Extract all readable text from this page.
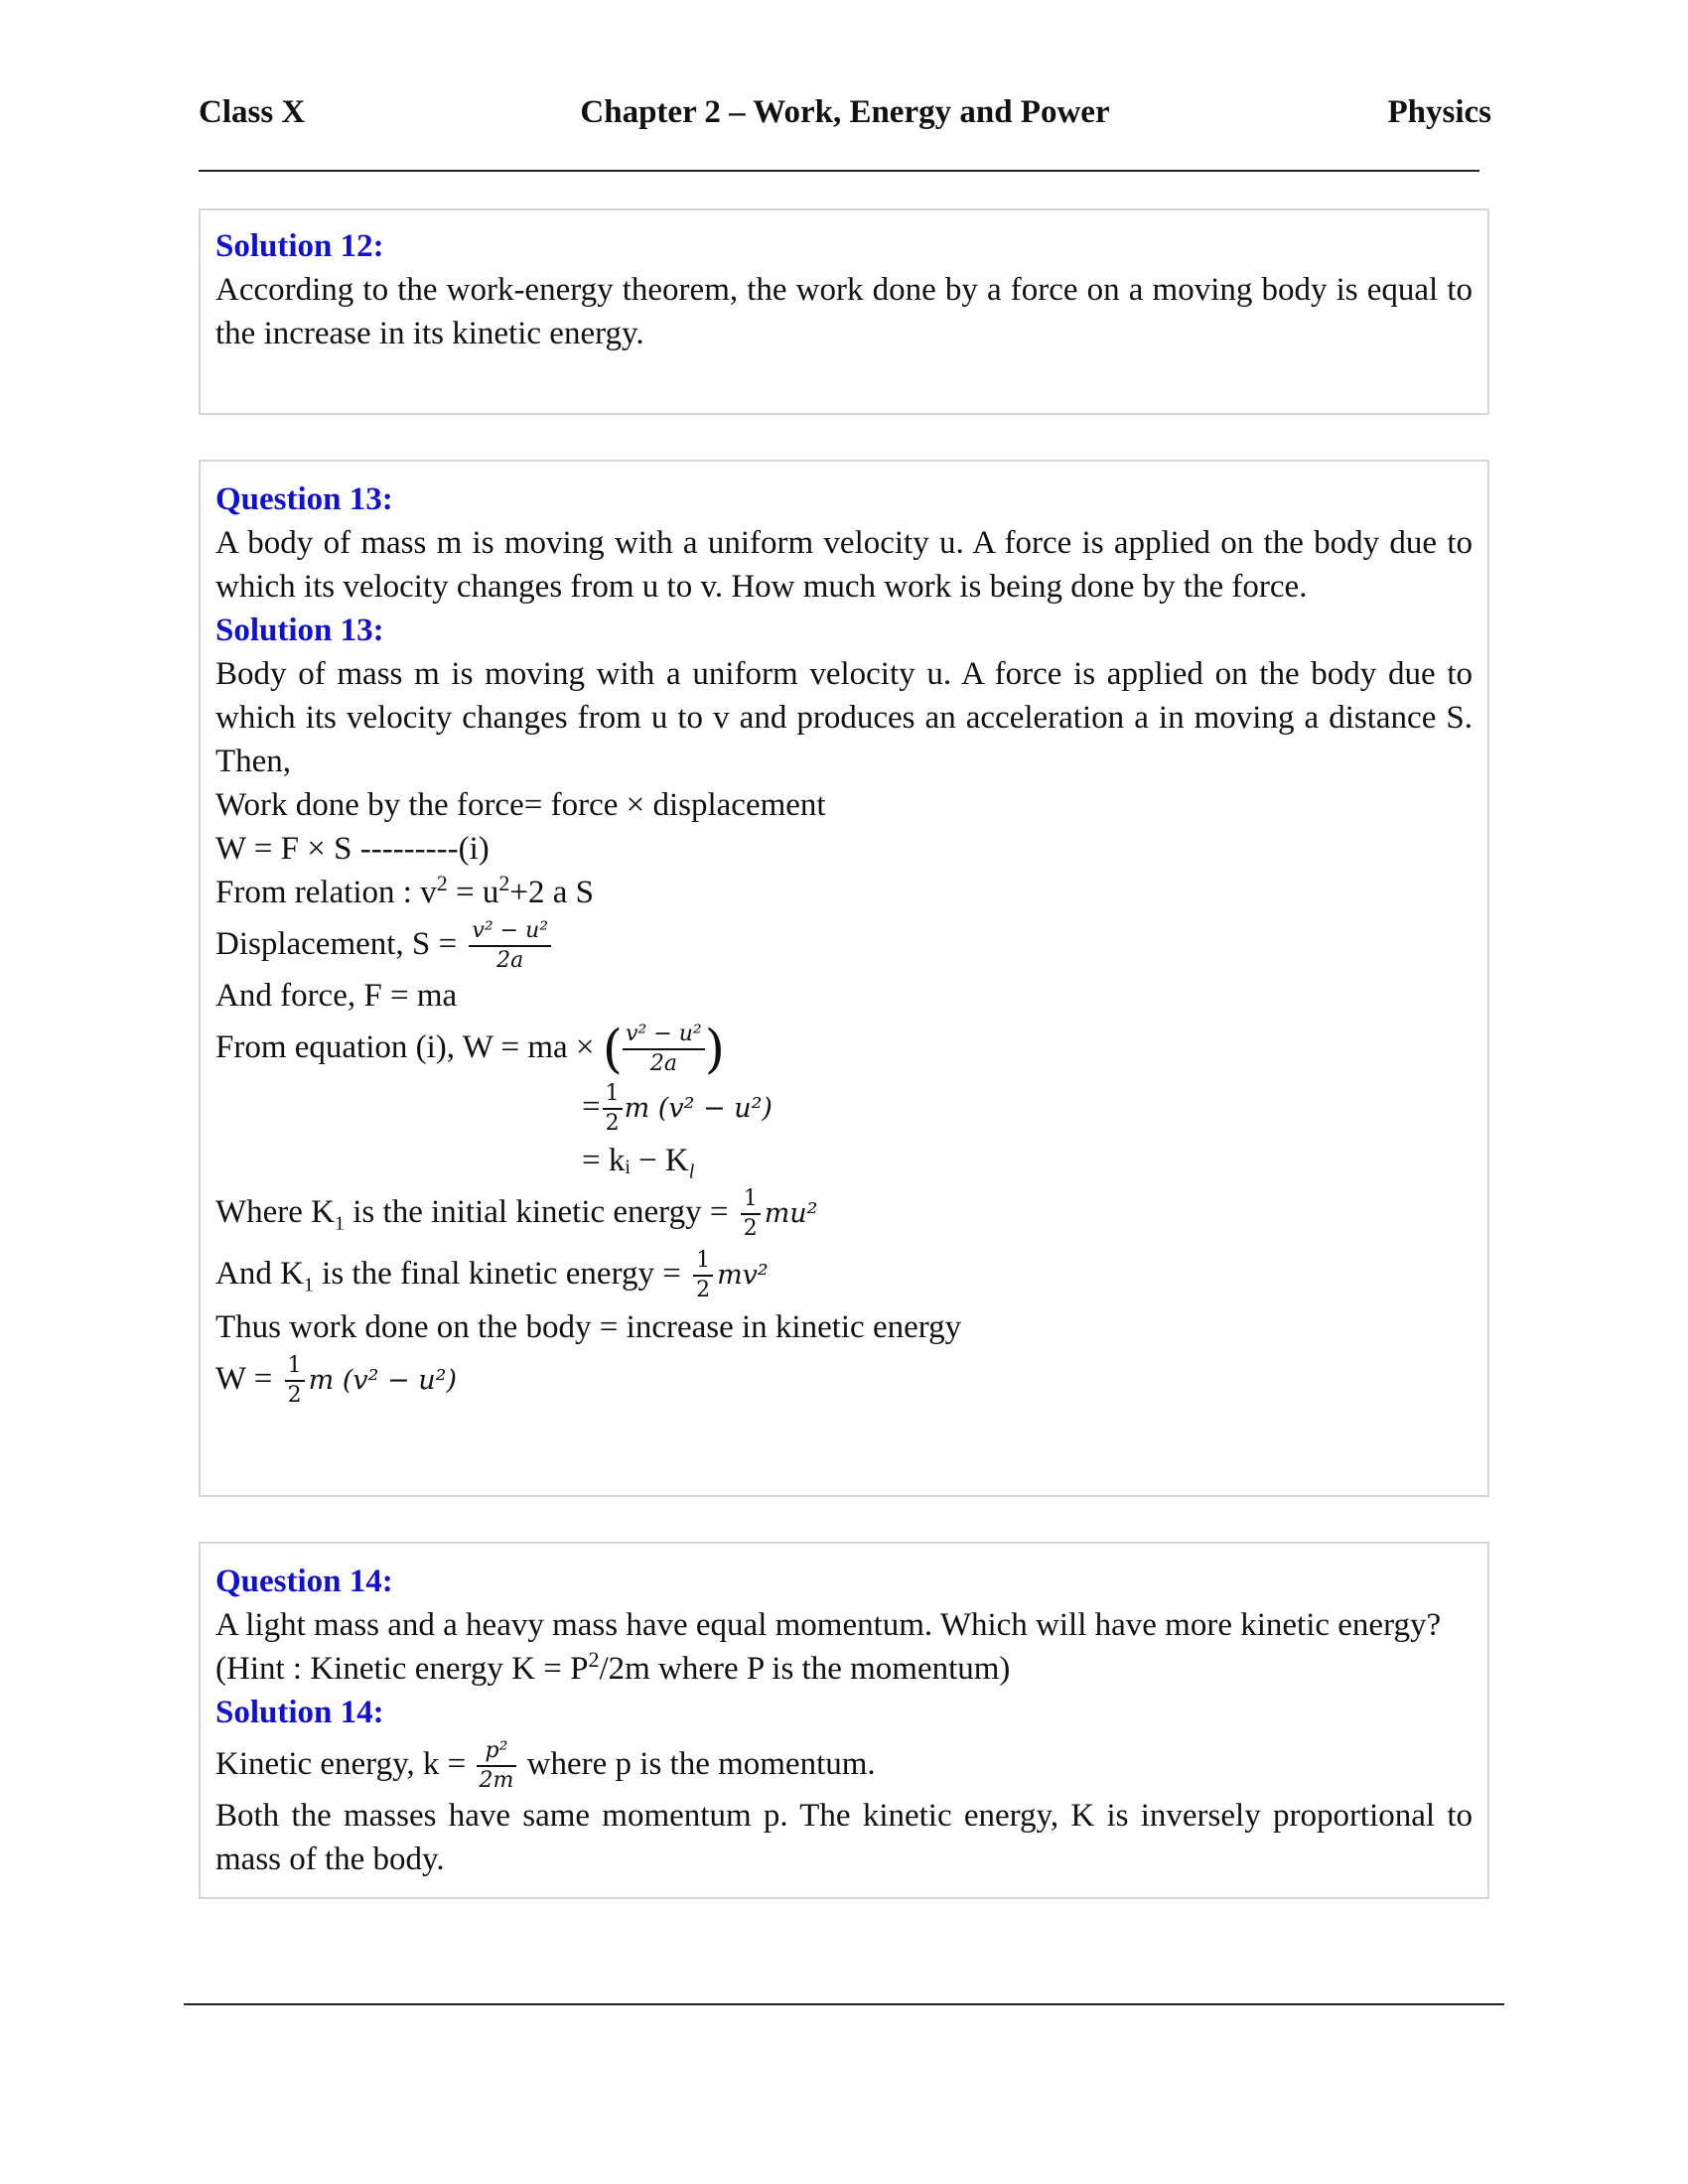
Class X	Chapter 2 – Work, Energy and Power	Physics

Solution 12:

According to the work-energy theorem, the work done by a force on a moving body is equal to the increase in its kinetic energy.

Question 13:

A body of mass m is moving with a uniform velocity u. A force is applied on the body due to which its velocity changes from u to v. How much work is being done by the force.

Solution 13:

Body of mass m is moving with a uniform velocity u. A force is applied on the body due to which its velocity changes from u to v and produces an acceleration a in moving a distance S. Then,

Work done by the force= force × displacement

W = F × S ---------(i)

From relation : $v^2 = u^2+2$ a S

Displacement, $S = \frac{\text{v² − u²}}{2a}$

And force, F = ma

From equation (i), W = ma × ( $\frac{\text{v² − u²}}{2a}$ )

= $\frac{1}{2}$ m (v² − u²)

= kᵢ − $K_l$

Where $K_1$ is the initial kinetic energy = $\frac{1}{2} mu^2$

And $K_1$ is the final kinetic energy = $\frac{1}{2} mv^2$

Thus work done on the body = increase in kinetic energy

$W = \frac{1}{2}$ m (v² − u²)

Question 14:

A light mass and a heavy mass have equal momentum. Which will have more kinetic energy?

(Hint : Kinetic energy $K = P^2/2m$ where P is the momentum)

Solution 14:

Kinetic energy, $k = \frac{\text{p²}}{2m}$ where p is the momentum.

Both the masses have same momentum p. The kinetic energy, K is inversely proportional to mass of the body.
